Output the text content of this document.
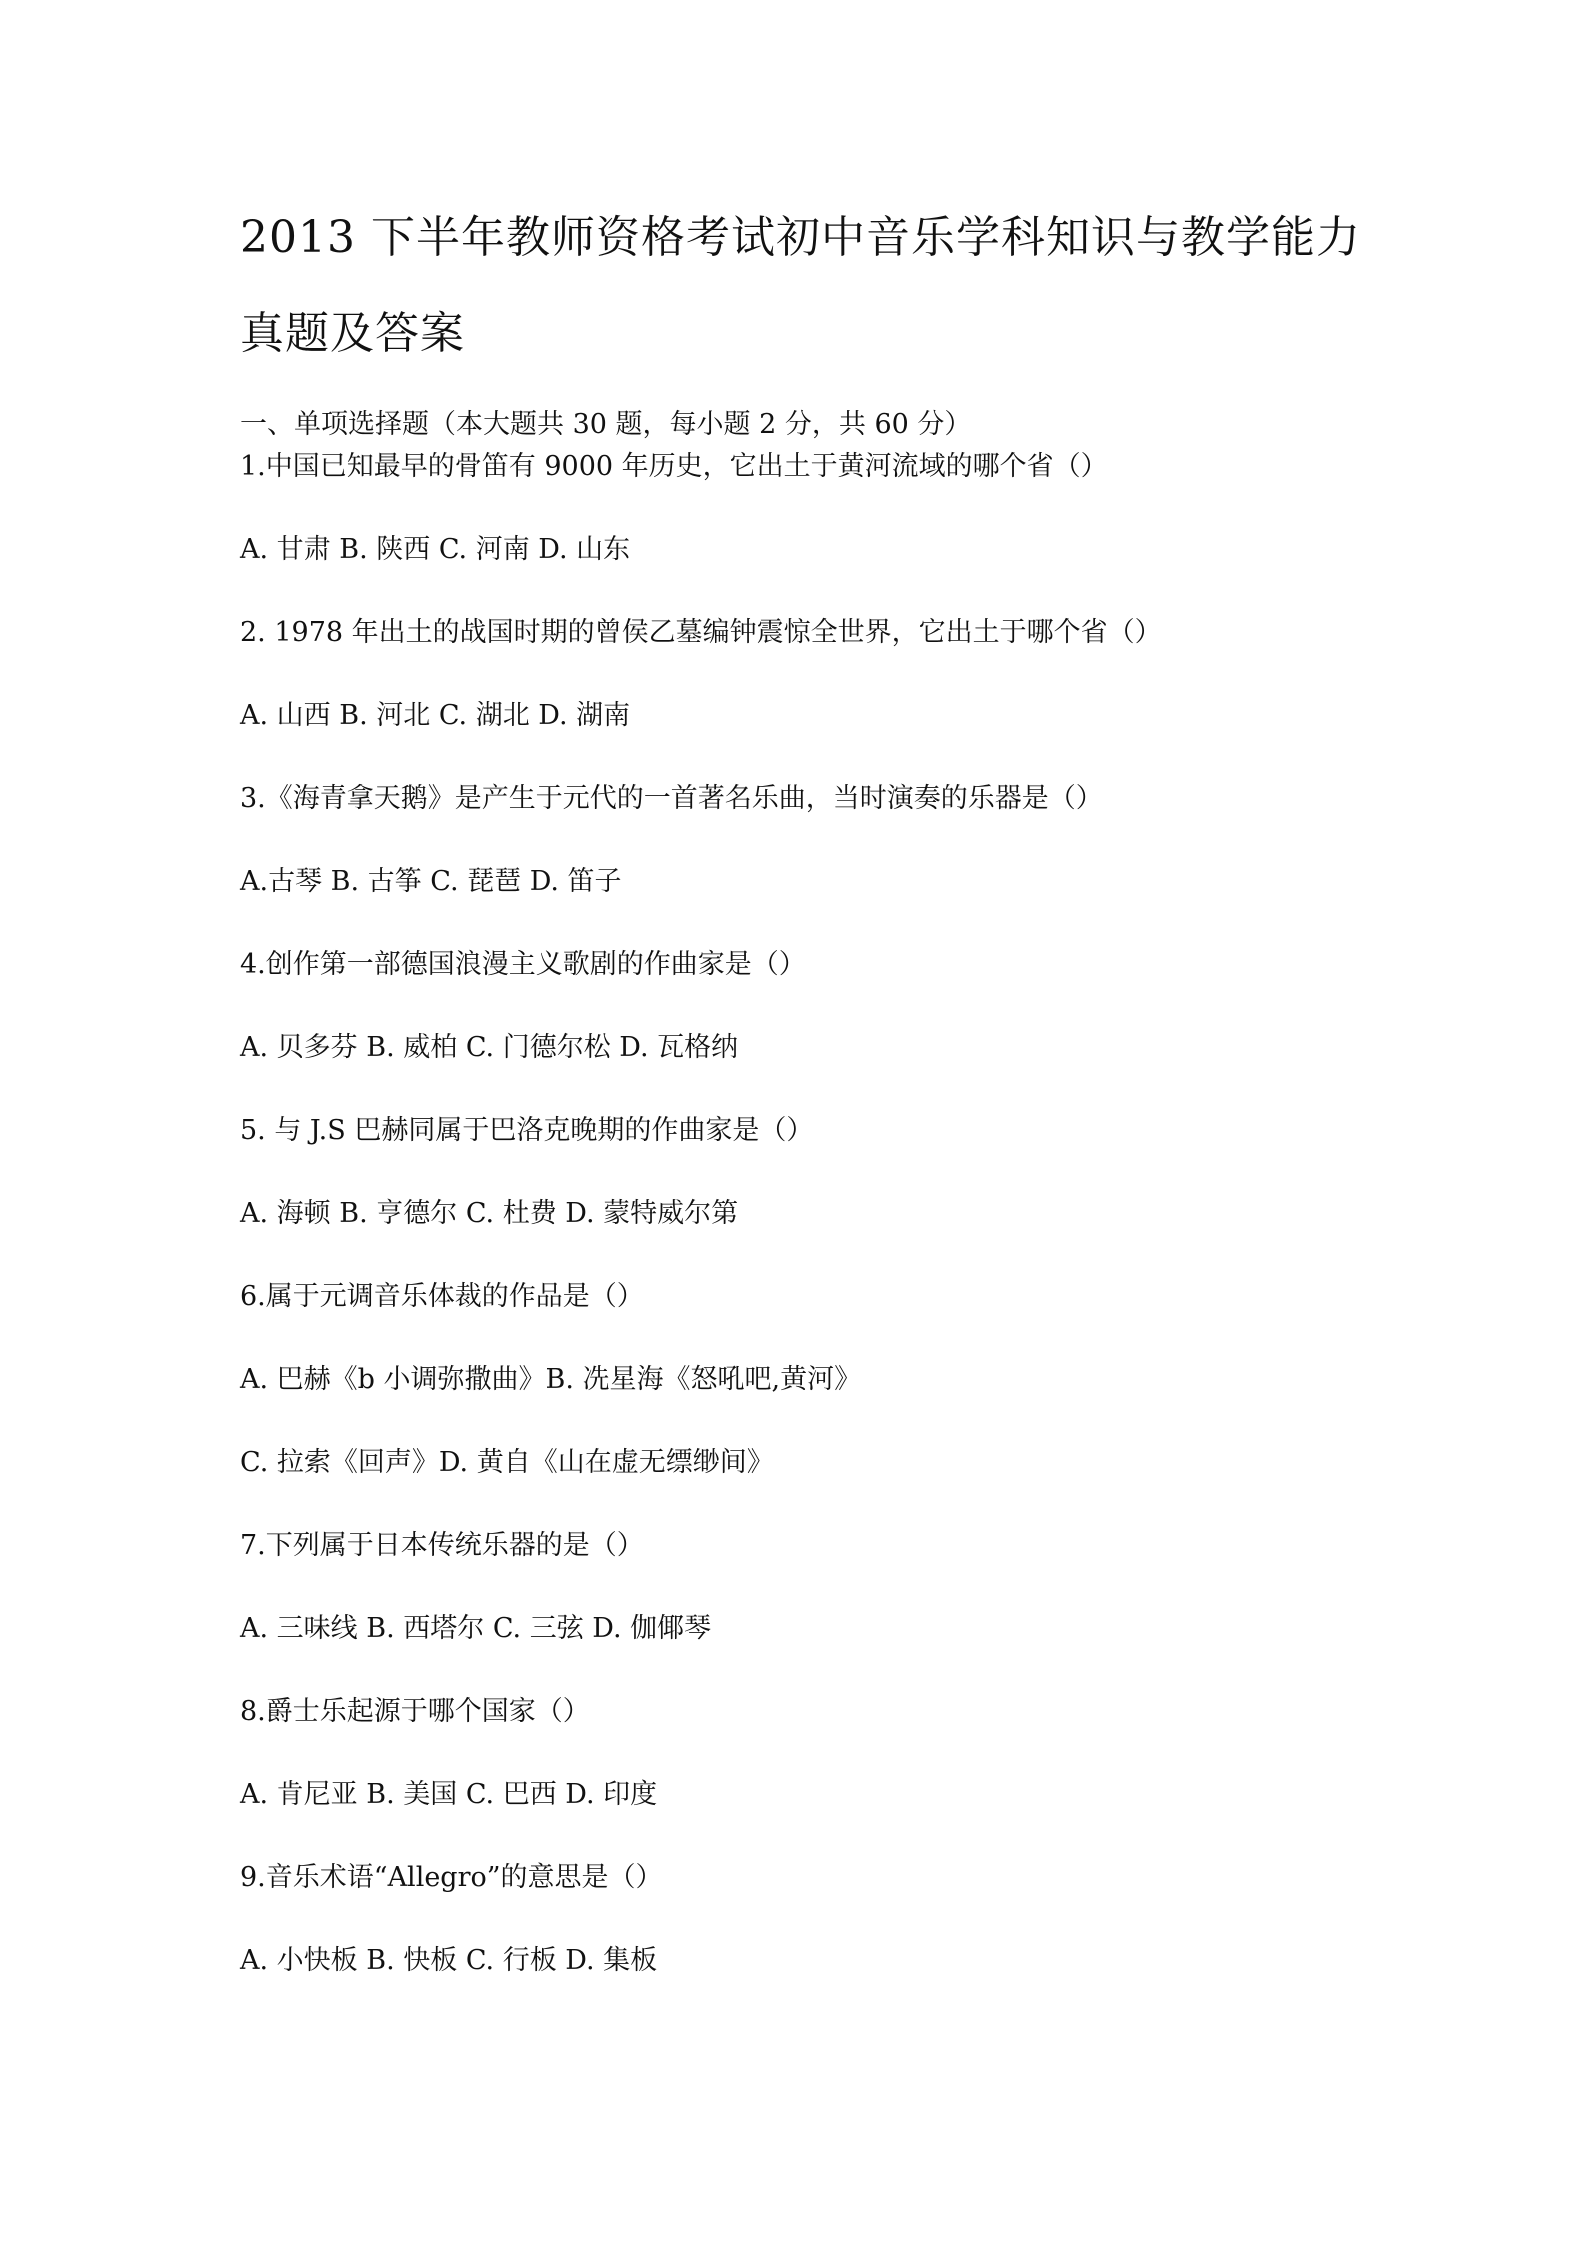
2013 下半年教师资格考试初中音乐学科知识与教学能力真题及答案

一、单项选择题（本大题共 30 题，每小题 2 分，共 60 分）

1.中国已知最早的骨笛有 9000 年历史，它出土于黄河流域的哪个省（）

A. 甘肃 B. 陕西 C. 河南 D. 山东

2. 1978 年出土的战国时期的曾侯乙墓编钟震惊全世界，它出土于哪个省（）

A. 山西 B. 河北 C. 湖北 D. 湖南

3.《海青拿天鹅》是产生于元代的一首著名乐曲，当时演奏的乐器是（）

A.古琴 B. 古筝 C. 琵琶 D. 笛子

4.创作第一部德国浪漫主义歌剧的作曲家是（）

A. 贝多芬 B. 威柏 C. 门德尔松 D. 瓦格纳

5. 与 J.S 巴赫同属于巴洛克晚期的作曲家是（）

A. 海顿 B. 亨德尔 C. 杜费 D. 蒙特威尔第

6.属于元调音乐体裁的作品是（）

A. 巴赫《b 小调弥撒曲》B. 冼星海《怒吼吧,黄河》

C. 拉索《回声》D. 黄自《山在虚无缥缈间》

7.下列属于日本传统乐器的是（）

A. 三味线 B. 西塔尔 C. 三弦 D. 伽倻琴

8.爵士乐起源于哪个国家（）

A. 肯尼亚 B. 美国 C. 巴西 D. 印度

9.音乐术语“Allegro”的意思是（）

A. 小快板 B. 快板 C. 行板 D. 集板
